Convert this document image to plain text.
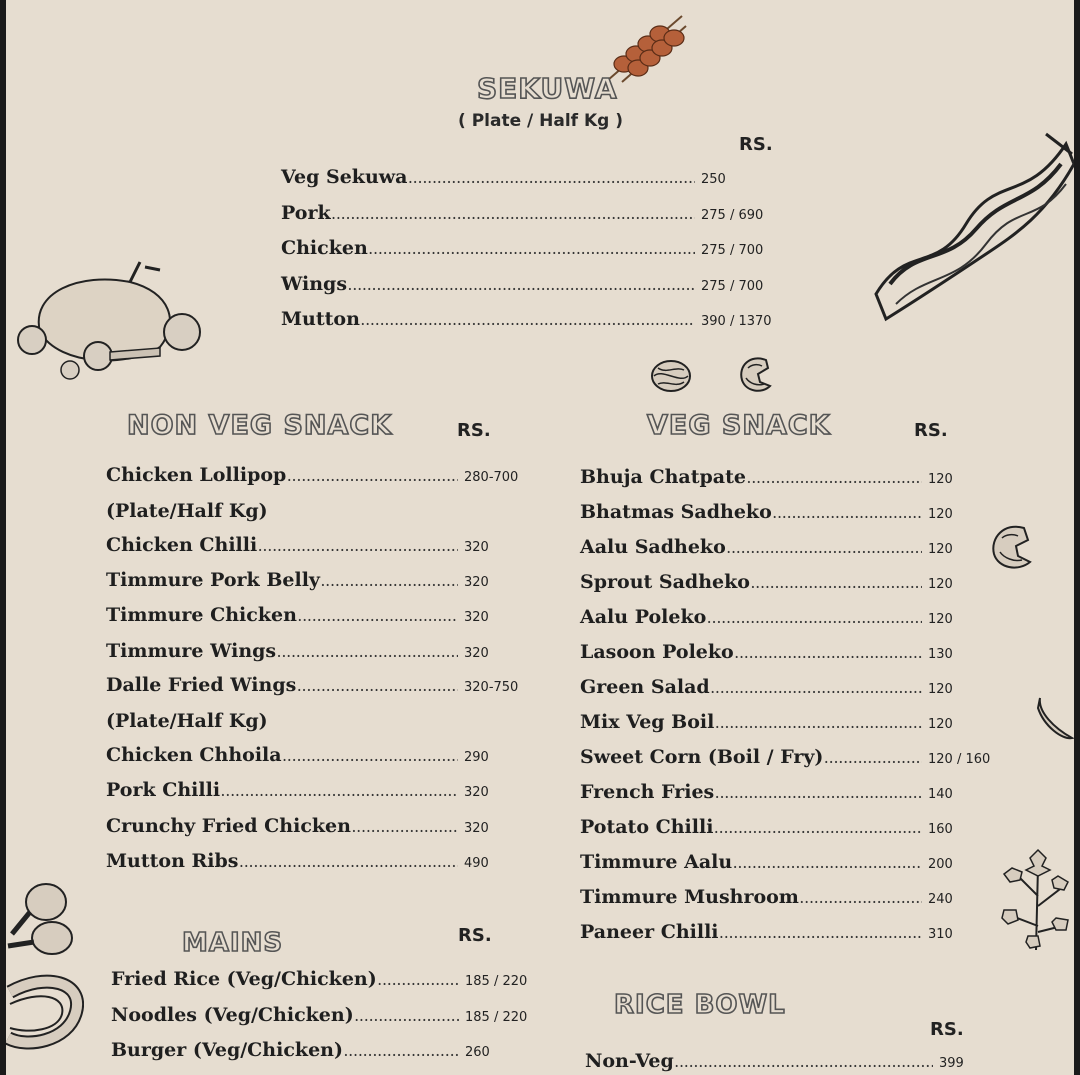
SEKUWA
( Plate / Half Kg )
RS.
Veg Sekuwa .....	250
Pork .....	275 / 690
Chicken .....	275 / 700
Wings .....	275 / 700
Mutton .....	390 / 1370
NON VEG SNACK	RS.
Chicken Lollipop .....	280-700
(Plate/Half Kg)
Chicken Chilli .....	320
Timmure Pork Belly .....	320
Timmure Chicken .....	320
Timmure Wings .....	320
Dalle Fried Wings .....	320-750
(Plate/Half Kg)
Chicken Chhoila .....	290
Pork Chilli .....	320
Crunchy Fried Chicken .....	320
Mutton Ribs .....	490
VEG SNACK	RS.
Bhuja Chatpate .....	120
Bhatmas Sadheko .....	120
Aalu Sadheko .....	120
Sprout Sadheko .....	120
Aalu Poleko .....	120
Lasoon Poleko .....	130
Green Salad .....	120
Mix Veg Boil .....	120
Sweet Corn (Boil / Fry) .....	120 / 160
French Fries .....	140
Potato Chilli .....	160
Timmure Aalu .....	200
Timmure Mushroom .....	240
Paneer Chilli .....	310
MAINS	RS.
Fried Rice (Veg/Chicken) .....	185 / 220
Noodles (Veg/Chicken) .....	185 / 220
Burger (Veg/Chicken) .....	260
RICE BOWL
RS.
Non-Veg .....	399
